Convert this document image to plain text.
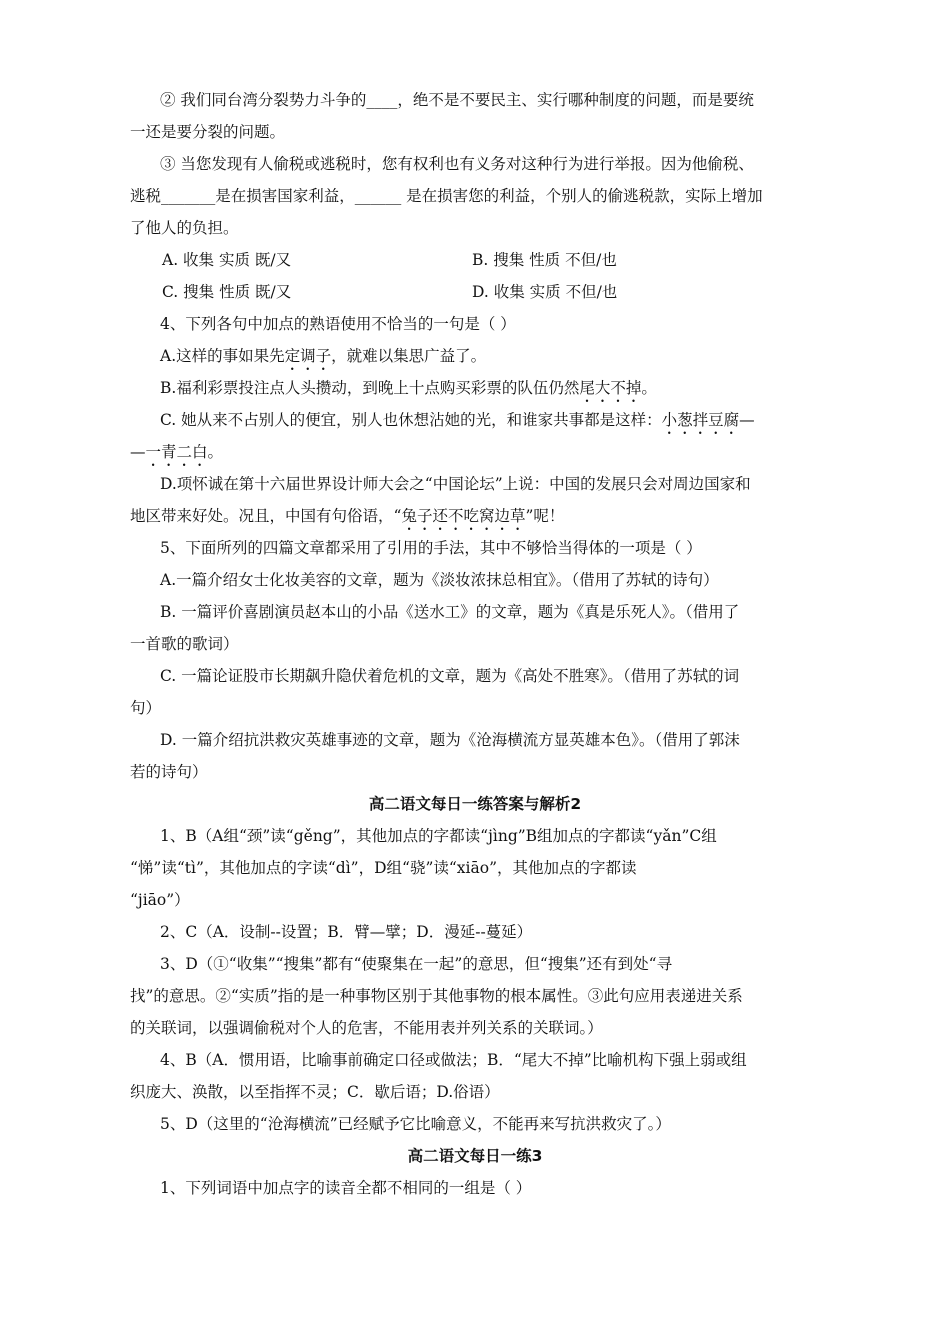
② 我们同台湾分裂势力斗争的____，绝不是不要民主、实行哪种制度的问题，而是要统
一还是要分裂的问题。
③ 当您发现有人偷税或逃税时，您有权利也有义务对这种行为进行举报。因为他偷税、
逃税_______是在损害国家利益，______ 是在损害您的利益，个别人的偷逃税款，实际上增加
了他人的负担。
A. 收集 实质 既/又	B. 搜集 性质 不但/也
C. 搜集 性质 既/又	D. 收集 实质 不但/也
4、下列各句中加点的熟语使用不恰当的一句是（ ）
A.这样的事如果先定调子，就难以集思广益了。
B.福利彩票投注点人头攒动，到晚上十点购买彩票的队伍仍然尾大不掉。
C. 她从来不占别人的便宜，别人也休想沾她的光，和谁家共事都是这样：小葱拌豆腐—
—一青二白。
D.项怀诚在第十六届世界设计师大会之“中国论坛”上说：中国的发展只会对周边国家和
地区带来好处。况且，中国有句俗语，“兔子还不吃窝边草”呢！
5、下面所列的四篇文章都采用了引用的手法，其中不够恰当得体的一项是（ ）
A.一篇介绍女士化妆美容的文章，题为《淡妆浓抹总相宜》。（借用了苏轼的诗句）
B. 一篇评价喜剧演员赵本山的小品《送水工》的文章，题为《真是乐死人》。（借用了
一首歌的歌词）
C. 一篇论证股市长期飙升隐伏着危机的文章，题为《高处不胜寒》。（借用了苏轼的词
句）
D. 一篇介绍抗洪救灾英雄事迹的文章，题为《沧海横流方显英雄本色》。（借用了郭沫
若的诗句）
高二语文每日一练答案与解析2
1、B（A组“颈”读“gěng”，其他加点的字都读“jìng”B组加点的字都读“yǎn”C组
“悌”读“tì”，其他加点的字读“dì”，D组“骁”读“xiāo”，其他加点的字都读
“jiāo”）
2、C（A．设制--设置；B．臂—擘；D．漫延--蔓延）
3、D（①“收集”“搜集”都有“使聚集在一起”的意思，但“搜集”还有到处“寻
找”的意思。②“实质”指的是一种事物区别于其他事物的根本属性。③此句应用表递进关系
的关联词，以强调偷税对个人的危害，不能用表并列关系的关联词。）
4、B（A．惯用语，比喻事前确定口径或做法；B．“尾大不掉”比喻机构下强上弱或组
织庞大、涣散，以至指挥不灵；C．歇后语；D.俗语）
5、D（这里的“沧海横流”已经赋予它比喻意义，不能再来写抗洪救灾了。）
高二语文每日一练3
1、下列词语中加点字的读音全都不相同的一组是（ ）
